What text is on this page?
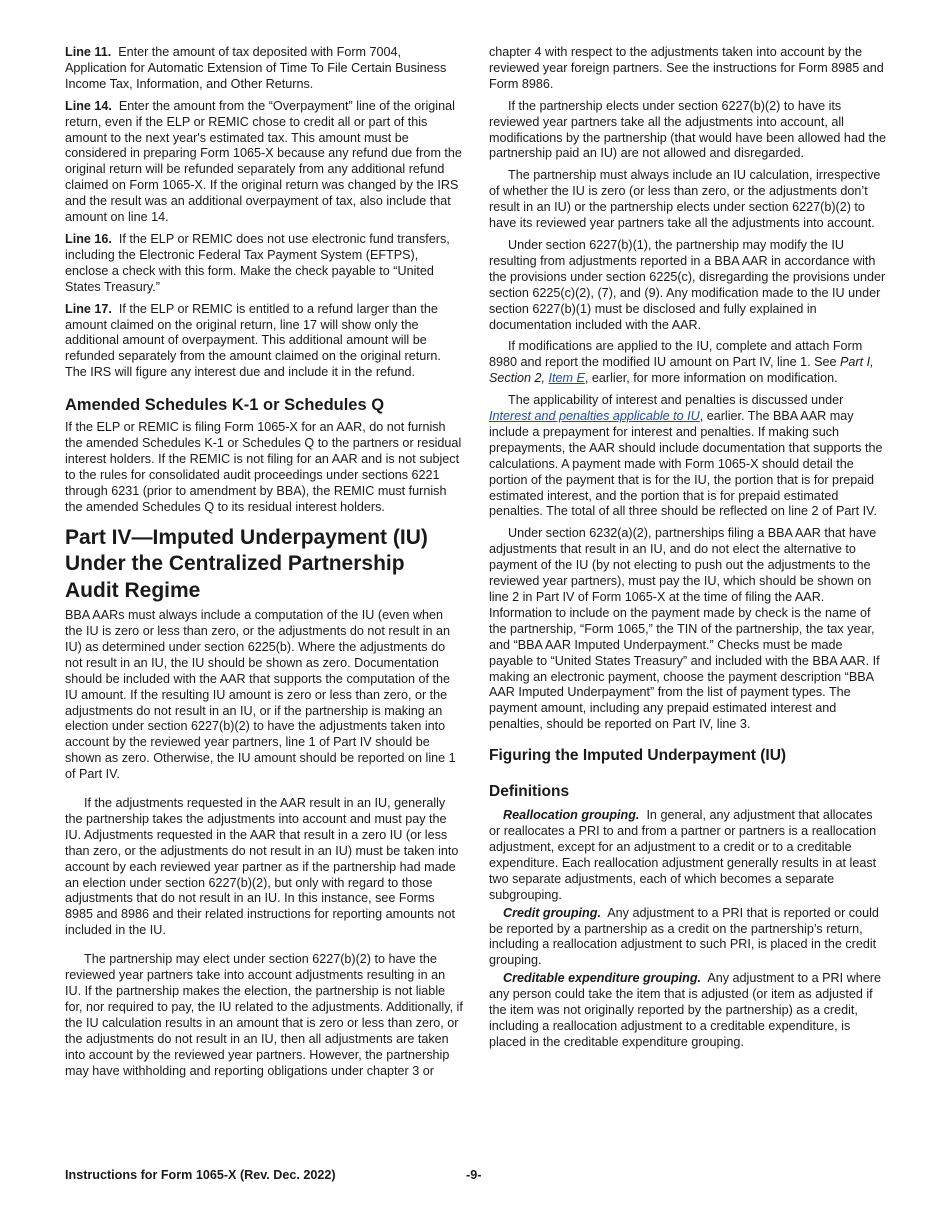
Line 11. Enter the amount of tax deposited with Form 7004, Application for Automatic Extension of Time To File Certain Business Income Tax, Information, and Other Returns.

Line 14. Enter the amount from the “Overpayment” line of the original return, even if the ELP or REMIC chose to credit all or part of this amount to the next year's estimated tax. This amount must be considered in preparing Form 1065-X because any refund due from the original return will be refunded separately from any additional refund claimed on Form 1065-X. If the original return was changed by the IRS and the result was an additional overpayment of tax, also include that amount on line 14.

Line 16. If the ELP or REMIC does not use electronic fund transfers, including the Electronic Federal Tax Payment System (EFTPS), enclose a check with this form. Make the check payable to “United States Treasury.”

Line 17. If the ELP or REMIC is entitled to a refund larger than the amount claimed on the original return, line 17 will show only the additional amount of overpayment. This additional amount will be refunded separately from the amount claimed on the original return. The IRS will figure any interest due and include it in the refund.

Amended Schedules K-1 or Schedules Q

If the ELP or REMIC is filing Form 1065-X for an AAR, do not furnish the amended Schedules K-1 or Schedules Q to the partners or residual interest holders. If the REMIC is not filing for an AAR and is not subject to the rules for consolidated audit proceedings under sections 6221 through 6231 (prior to amendment by BBA), the REMIC must furnish the amended Schedules Q to its residual interest holders.

Part IV—Imputed Underpayment (IU) Under the Centralized Partnership Audit Regime

BBA AARs must always include a computation of the IU (even when the IU is zero or less than zero, or the adjustments do not result in an IU) as determined under section 6225(b). Where the adjustments do not result in an IU, the IU should be shown as zero. Documentation should be included with the AAR that supports the computation of the IU amount. If the resulting IU amount is zero or less than zero, or the adjustments do not result in an IU, or if the partnership is making an election under section 6227(b)(2) to have the adjustments taken into account by the reviewed year partners, line 1 of Part IV should be shown as zero. Otherwise, the IU amount should be reported on line 1 of Part IV.

If the adjustments requested in the AAR result in an IU, generally the partnership takes the adjustments into account and must pay the IU. Adjustments requested in the AAR that result in a zero IU (or less than zero, or the adjustments do not result in an IU) must be taken into account by each reviewed year partner as if the partnership had made an election under section 6227(b)(2), but only with regard to those adjustments that do not result in an IU. In this instance, see Forms 8985 and 8986 and their related instructions for reporting amounts not included in the IU.

The partnership may elect under section 6227(b)(2) to have the reviewed year partners take into account adjustments resulting in an IU. If the partnership makes the election, the partnership is not liable for, nor required to pay, the IU related to the adjustments. Additionally, if the IU calculation results in an amount that is zero or less than zero, or the adjustments do not result in an IU, then all adjustments are taken into account by the reviewed year partners. However, the partnership may have withholding and reporting obligations under chapter 3 or

chapter 4 with respect to the adjustments taken into account by the reviewed year foreign partners. See the instructions for Form 8985 and Form 8986.

If the partnership elects under section 6227(b)(2) to have its reviewed year partners take all the adjustments into account, all modifications by the partnership (that would have been allowed had the partnership paid an IU) are not allowed and disregarded.

The partnership must always include an IU calculation, irrespective of whether the IU is zero (or less than zero, or the adjustments don’t result in an IU) or the partnership elects under section 6227(b)(2) to have its reviewed year partners take all the adjustments into account.

Under section 6227(b)(1), the partnership may modify the IU resulting from adjustments reported in a BBA AAR in accordance with the provisions under section 6225(c), disregarding the provisions under section 6225(c)(2), (7), and (9). Any modification made to the IU under section 6227(b)(1) must be disclosed and fully explained in documentation included with the AAR.

If modifications are applied to the IU, complete and attach Form 8980 and report the modified IU amount on Part IV, line 1. See Part I, Section 2, Item E, earlier, for more information on modification.

The applicability of interest and penalties is discussed under Interest and penalties applicable to IU, earlier. The BBA AAR may include a prepayment for interest and penalties. If making such prepayments, the AAR should include documentation that supports the calculations. A payment made with Form 1065-X should detail the portion of the payment that is for the IU, the portion that is for prepaid estimated interest, and the portion that is for prepaid estimated penalties. The total of all three should be reflected on line 2 of Part IV.

Under section 6232(a)(2), partnerships filing a BBA AAR that have adjustments that result in an IU, and do not elect the alternative to payment of the IU (by not electing to push out the adjustments to the reviewed year partners), must pay the IU, which should be shown on line 2 in Part IV of Form 1065-X at the time of filing the AAR. Information to include on the payment made by check is the name of the partnership, “Form 1065,” the TIN of the partnership, the tax year, and “BBA AAR Imputed Underpayment.” Checks must be made payable to “United States Treasury” and included with the BBA AAR. If making an electronic payment, choose the payment description “BBA AAR Imputed Underpayment” from the list of payment types. The payment amount, including any prepaid estimated interest and penalties, should be reported on Part IV, line 3.

Figuring the Imputed Underpayment (IU)
Definitions

Reallocation grouping. In general, any adjustment that allocates or reallocates a PRI to and from a partner or partners is a reallocation adjustment, except for an adjustment to a credit or to a creditable expenditure. Each reallocation adjustment generally results in at least two separate adjustments, each of which becomes a separate subgrouping.

Credit grouping. Any adjustment to a PRI that is reported or could be reported by a partnership as a credit on the partnership’s return, including a reallocation adjustment to such PRI, is placed in the credit grouping.

Creditable expenditure grouping. Any adjustment to a PRI where any person could take the item that is adjusted (or item as adjusted if the item was not originally reported by the partnership) as a credit, including a reallocation adjustment to a creditable expenditure, is placed in the creditable expenditure grouping.

Instructions for Form 1065-X (Rev. Dec. 2022)	-9-
